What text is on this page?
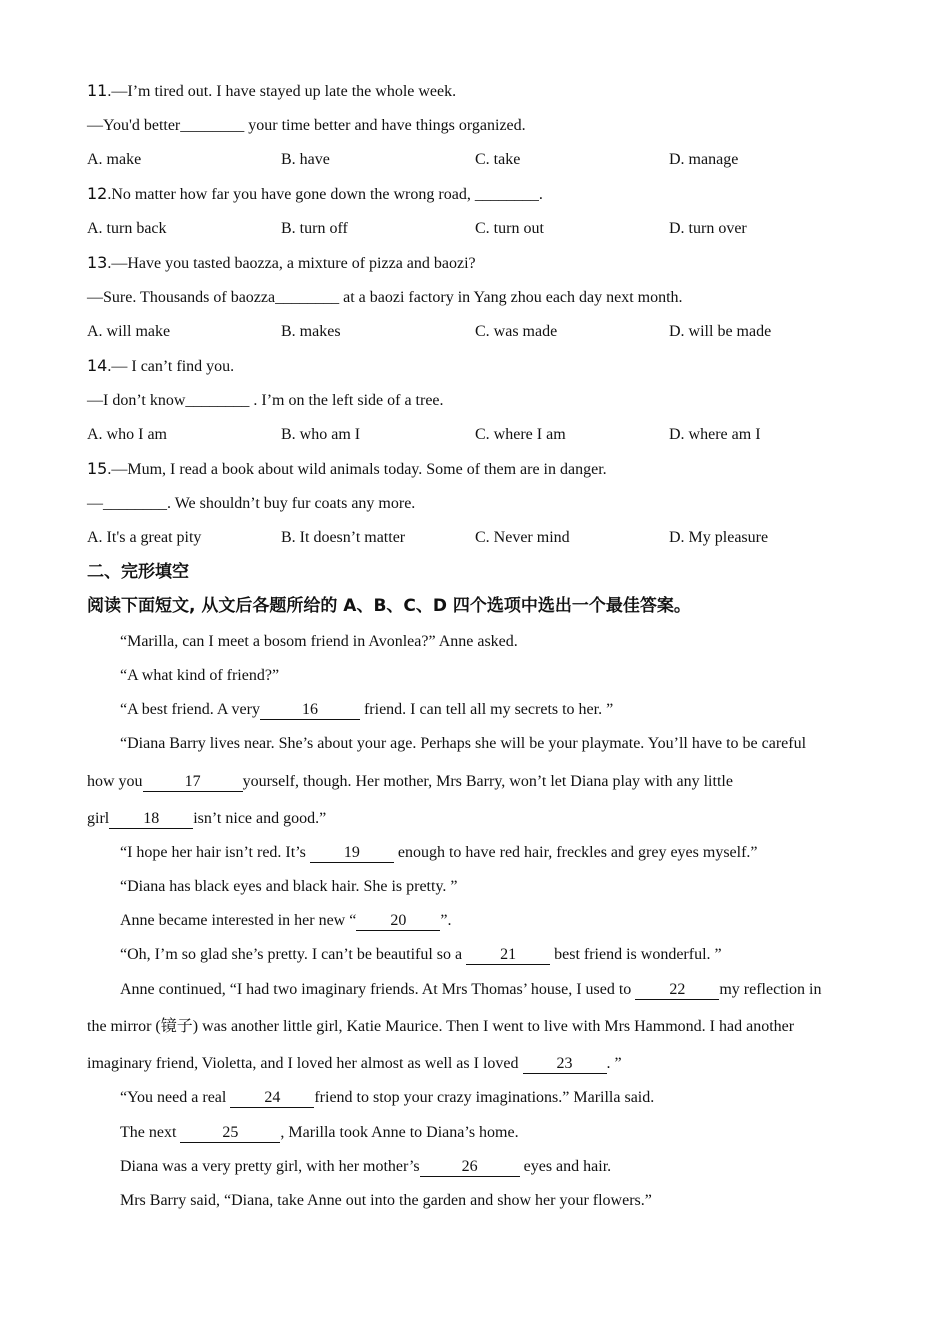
11.—I’m tired out. I have stayed up late the whole week.
—You'd better________ your time better and have things organized.
A. make	B. have	C. take	D. manage
12.No matter how far you have gone down the wrong road, ________.
A. turn back	B. turn off	C. turn out	D. turn over
13.—Have you tasted baozza, a mixture of pizza and baozi?
—Sure. Thousands of baozza________ at a baozi factory in Yang zhou each day next month.
A. will make	B. makes	C. was made	D. will be made
14.— I can’t find you.
—I don’t know________ . I’m on the left side of a tree.
A. who I am	B. who am I	C. where I am	D. where am I
15.—Mum, I read a book about wild animals today. Some of them are in danger.
—________. We shouldn’t buy fur coats any more.
A. It's a great pity	B. It doesn’t matter	C. Never mind	D. My pleasure
二、完形填空
阅读下面短文, 从文后各题所给的 A、B、C、D 四个选项中选出一个最佳答案。
“Marilla, can I meet a bosom friend in Avonlea?” Anne asked.
“A what kind of friend?”
“A best friend. A very	16	friend. I can tell all my secrets to her. ”
“Diana Barry lives near. She’s about your age. Perhaps she will be your playmate. You’ll have to be careful
how you	17	yourself, though. Her mother, Mrs Barry, won’t let Diana play with any little
girl 18 isn’t nice and good.”
“I hope her hair isn’t red. It’s 19 enough to have red hair, freckles and grey eyes myself.”
“Diana has black eyes and black hair. She is pretty. ”
Anne became interested in her new “ 20 ”.
“Oh, I’m so glad she’s pretty. I can’t be beautiful so a 21 best friend is wonderful. ”
Anne continued, “I had two imaginary friends. At Mrs Thomas’ house, I used to 22 my reflection in
the mirror (镜子) was another little girl, Katie Maurice. Then I went to live with Mrs Hammond. I had another
imaginary friend, Violetta, and I loved her almost as well as I loved 23 . ”
“You need a real 24 friend to stop your crazy imaginations.” Marilla said.
The next	25	, Marilla took Anne to Diana’s home.
Diana was a very pretty girl, with her mother’s	26	eyes and hair.
Mrs Barry said, “Diana, take Anne out into the garden and show her your flowers.”
